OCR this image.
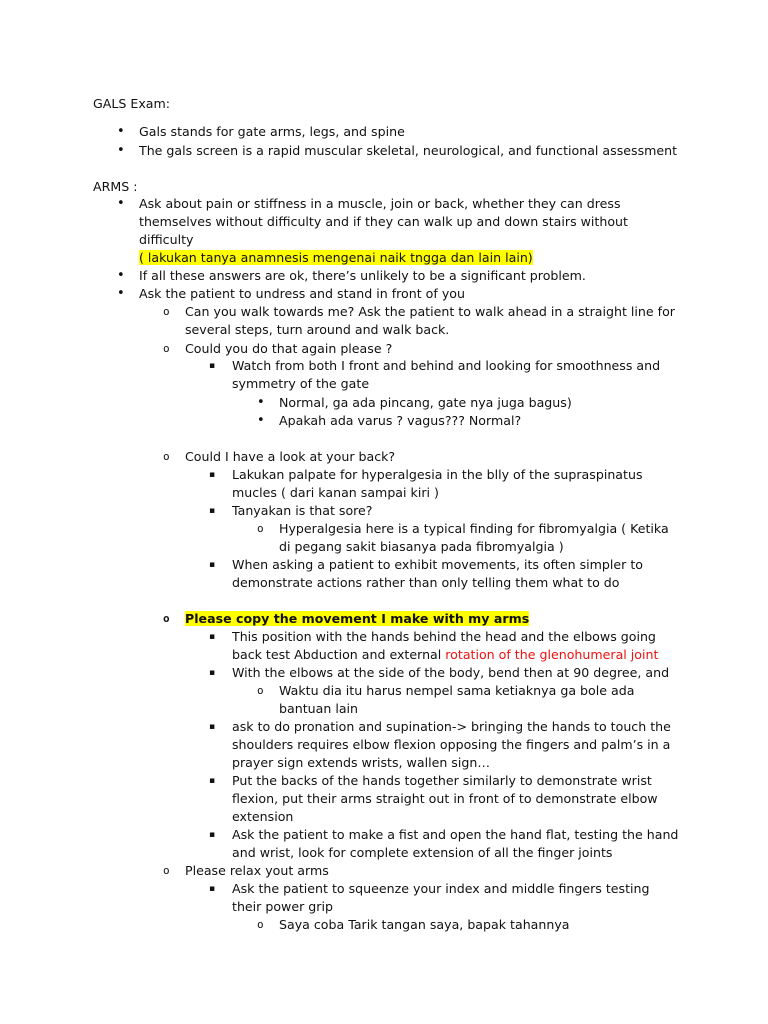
GALS Exam:
• Gals stands for gate arms, legs, and spine
• The gals screen is a rapid muscular skeletal, neurological, and functional assessment
ARMS :
• Ask about pain or stiffness in a muscle, join or back, whether they can dress
themselves without difficulty and if they can walk up and down stairs without
difficulty
( lakukan tanya anamnesis mengenai naik tngga dan lain lain)
• If all these answers are ok, there’s unlikely to be a significant problem.
• Ask the patient to undress and stand in front of you
o Can you walk towards me? Ask the patient to walk ahead in a straight line for
several steps, turn around and walk back.
o Could you do that again please ?
▪ Watch from both I front and behind and looking for smoothness and
symmetry of the gate
• Normal, ga ada pincang, gate nya juga bagus)
• Apakah ada varus ? vagus??? Normal?
o Could I have a look at your back?
▪ Lakukan palpate for hyperalgesia in the blly of the supraspinatus
mucles ( dari kanan sampai kiri )
▪ Tanyakan is that sore?
o Hyperalgesia here is a typical finding for fibromyalgia ( Ketika
di pegang sakit biasanya pada fibromyalgia )
▪ When asking a patient to exhibit movements, its often simpler to
demonstrate actions rather than only telling them what to do
o Please copy the movement I make with my arms
▪ This position with the hands behind the head and the elbows going
back test Abduction and external rotation of the glenohumeral joint
▪ With the elbows at the side of the body, bend then at 90 degree, and
o Waktu dia itu harus nempel sama ketiaknya ga bole ada
bantuan lain
▪ ask to do pronation and supination-> bringing the hands to touch the
shoulders requires elbow flexion opposing the fingers and palm’s in a
prayer sign extends wrists, wallen sign…
▪ Put the backs of the hands together similarly to demonstrate wrist
flexion, put their arms straight out in front of to demonstrate elbow
extension
▪ Ask the patient to make a fist and open the hand flat, testing the hand
and wrist, look for complete extension of all the finger joints
o Please relax yout arms
▪ Ask the patient to squeenze your index and middle fingers testing
their power grip
o Saya coba Tarik tangan saya, bapak tahannya
